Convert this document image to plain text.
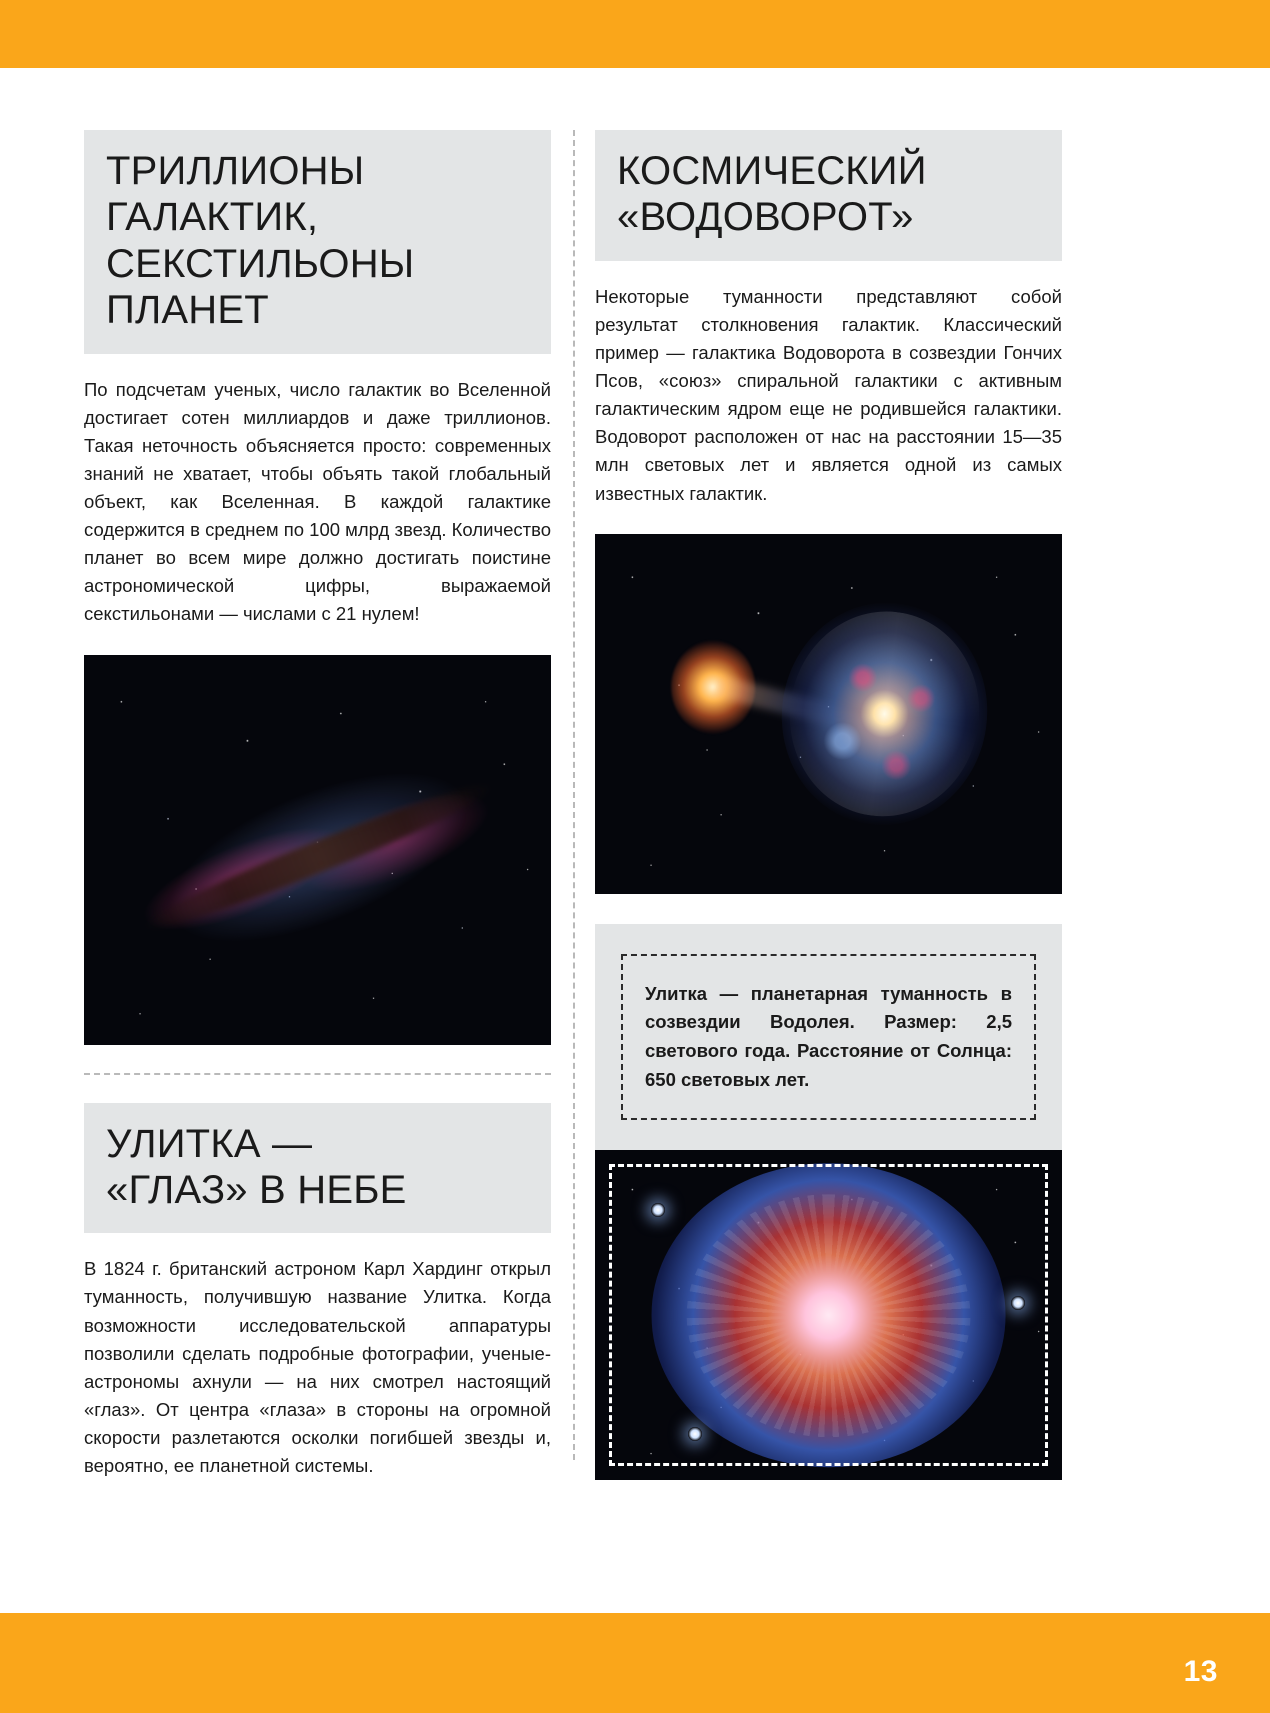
ТРИЛЛИОНЫ
ГАЛАКТИК,
СЕКСТИЛЬОНЫ
ПЛАНЕТ
По подсчетам ученых, число галактик во Вселенной достигает сотен миллиардов и даже триллионов. Такая неточность объясняется просто: современных знаний не хватает, чтобы объять такой глобальный объект, как Вселенная. В каждой галактике содержится в среднем по 100 млрд звезд. Количество планет во всем мире должно достигать поистине астрономической цифры, выражаемой секстильонами — числами с 21 нулем!
УЛИТКА —
«ГЛАЗ» В НЕБЕ
В 1824 г. британский астроном Карл Хардинг открыл туманность, получившую название Улитка. Когда возможности исследовательской аппаратуры позволили сделать подробные фотографии, ученые-астрономы ахнули — на них смотрел настоящий «глаз». От центра «глаза» в стороны на огромной скорости разлетаются осколки погибшей звезды и, вероятно, ее планетной системы.
КОСМИЧЕСКИЙ
«ВОДОВОРОТ»
Некоторые туманности представляют собой результат столкновения галактик. Классический пример — галактика Водоворота в созвездии Гончих Псов, «союз» спиральной галактики с активным галактическим ядром еще не родившейся галактики. Водоворот расположен от нас на расстоянии 15—35 млн световых лет и является одной из самых известных галактик.
Улитка — планетарная туманность в созвездии Водолея. Размер: 2,5 светового года. Расстояние от Солнца: 650 световых лет.
13
